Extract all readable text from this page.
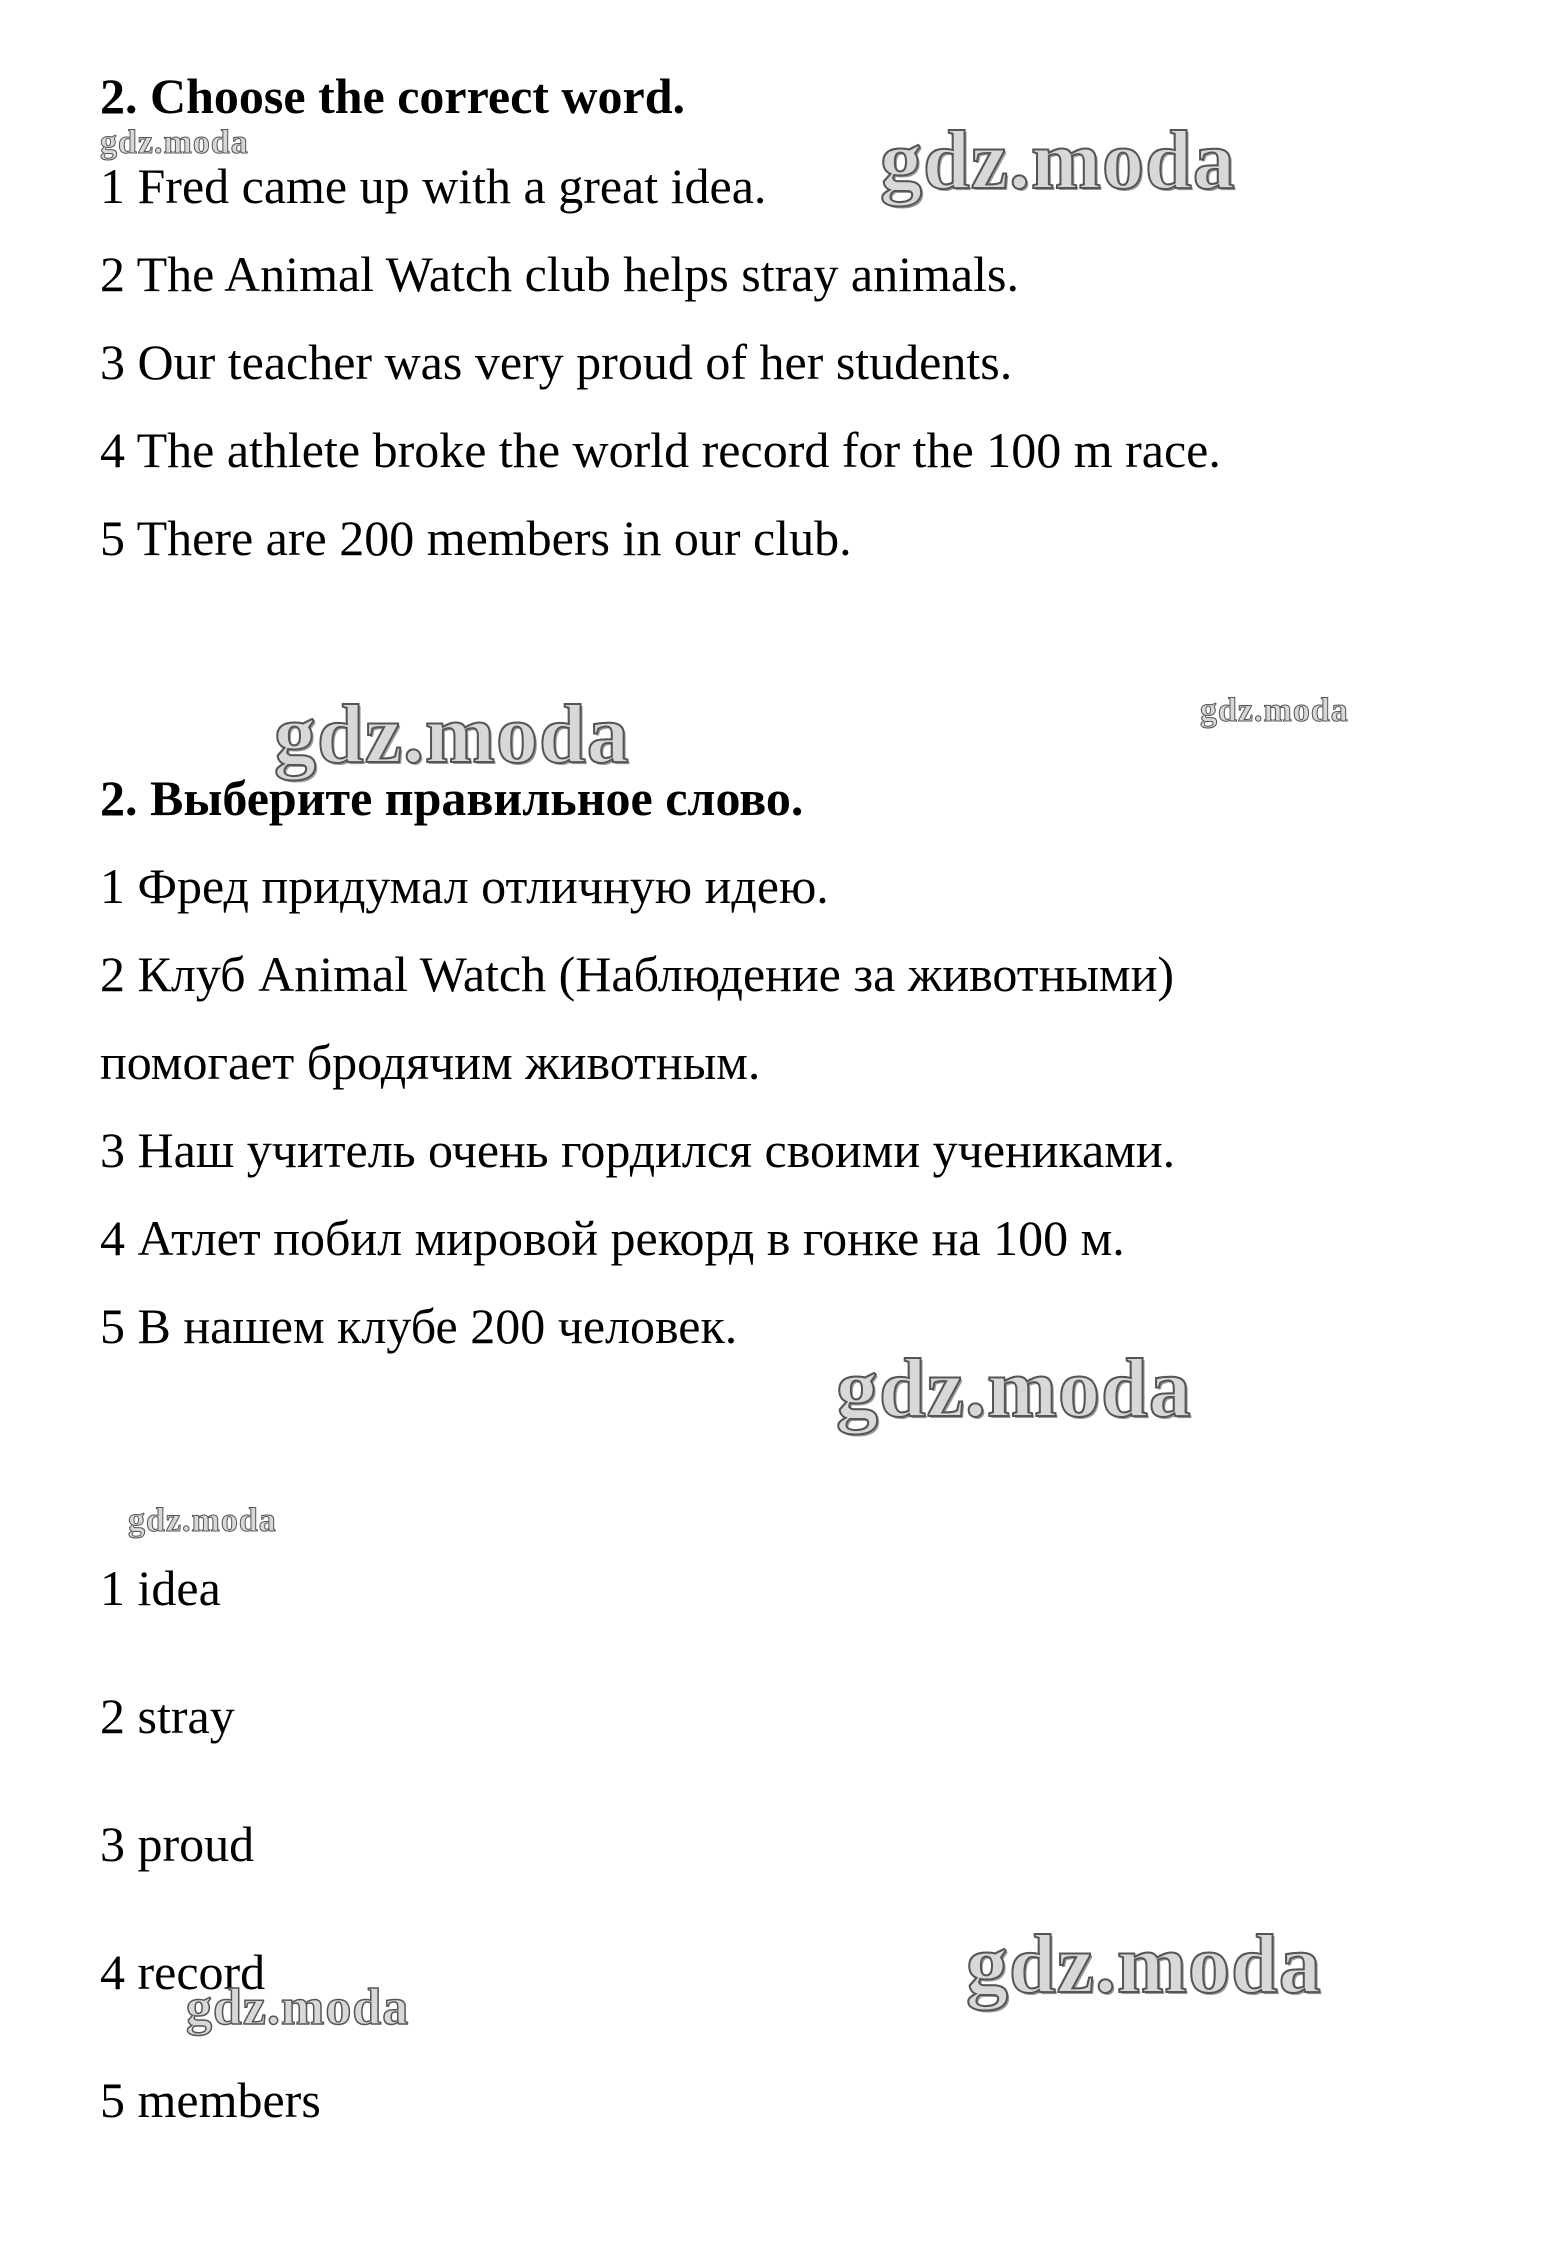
2. Choose the correct word.
1 Fred came up with a great idea.
2 The Animal Watch club helps stray animals.
3 Our teacher was very proud of her students.
4 The athlete broke the world record for the 100 m race.
5 There are 200 members in our club.
2. Выберите правильное слово.
1 Фред придумал отличную идею.
2 Клуб Animal Watch (Наблюдение за животными)
помогает бродячим животным.
3 Наш учитель очень гордился своими учениками.
4 Атлет побил мировой рекорд в гонке на 100 м.
5 В нашем клубе 200 человек.
1 idea
2 stray
3 proud
4 record
5 members
gdz.moda	gdz.moda
gdz.moda	gdz.moda
gdz.moda
gdz.moda
gdz.moda	gdz.moda
